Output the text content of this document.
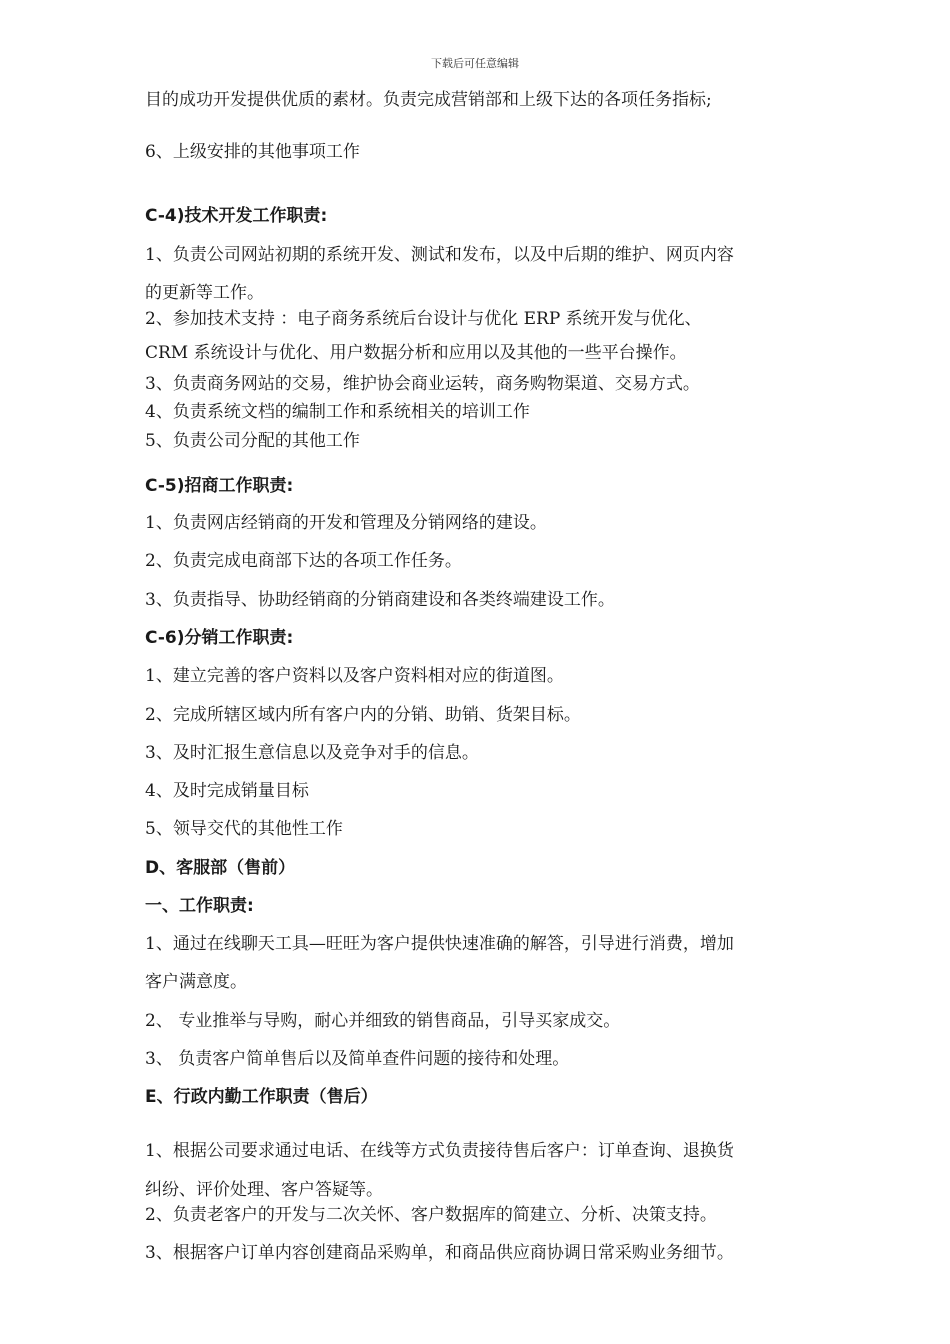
下载后可任意编辑
目的成功开发提供优质的素材。负责完成营销部和上级下达的各项任务指标;
6、上级安排的其他事项工作
C-4)技术开发工作职责:
1、负责公司网站初期的系统开发、测试和发布，以及中后期的维护、网页内容
的更新等工作。
2、参加技术支持 ：电子商务系统后台设计与优化 ERP 系统开发与优化、
CRM 系统设计与优化、用户数据分析和应用以及其他的一些平台操作。
3、负责商务网站的交易，维护协会商业运转，商务购物渠道、交易方式。
4、负责系统文档的编制工作和系统相关的培训工作
5、负责公司分配的其他工作
C-5)招商工作职责:
1、负责网店经销商的开发和管理及分销网络的建设。
2、负责完成电商部下达的各项工作任务。
3、负责指导、协助经销商的分销商建设和各类终端建设工作。
C-6)分销工作职责:
1、建立完善的客户资料以及客户资料相对应的街道图。
2、完成所辖区域内所有客户内的分销、助销、货架目标。
3、及时汇报生意信息以及竞争对手的信息。
4、及时完成销量目标
5、领导交代的其他性工作
D、客服部（售前）
一、工作职责:
1、通过在线聊天工具—旺旺为客户提供快速准确的解答，引导进行消费，增加
客户满意度。
2、 专业推举与导购，耐心并细致的销售商品，引导买家成交。
3、 负责客户简单售后以及简单查件问题的接待和处理。
E、行政内勤工作职责（售后）
1、根据公司要求通过电话、在线等方式负责接待售后客户：订单查询、退换货
纠纷、评价处理、客户答疑等。
2、负责老客户的开发与二次关怀、客户数据库的简建立、分析、决策支持。
3、根据客户订单内容创建商品采购单，和商品供应商协调日常采购业务细节。
